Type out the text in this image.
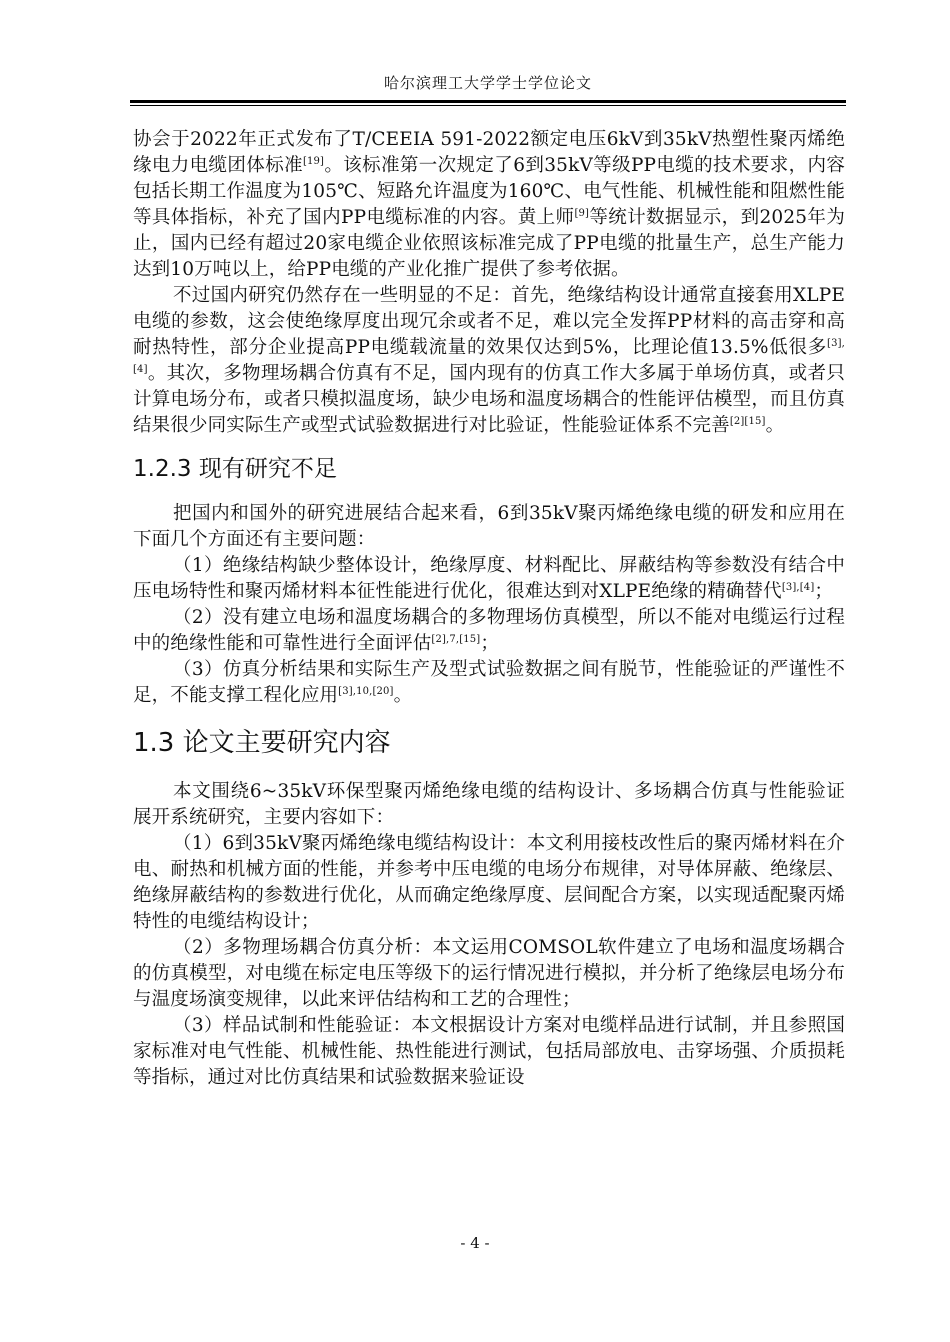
哈尔滨理工大学学士学位论文

协会于2022年正式发布了T/CEEIA 591-2022额定电压6kV到35kV热塑性聚丙烯绝缘电力电缆团体标准[19]。该标准第一次规定了6到35kV等级PP电缆的技术要求，内容包括长期工作温度为105℃、短路允许温度为160℃、电气性能、机械性能和阻燃性能等具体指标，补充了国内PP电缆标准的内容。黄上师[9]等统计数据显示，到2025年为止，国内已经有超过20家电缆企业依照该标准完成了PP电缆的批量生产，总生产能力达到10万吨以上，给PP电缆的产业化推广提供了参考依据。

不过国内研究仍然存在一些明显的不足：首先，绝缘结构设计通常直接套用XLPE电缆的参数，这会使绝缘厚度出现冗余或者不足，难以完全发挥PP材料的高击穿和高耐热特性，部分企业提高PP电缆载流量的效果仅达到5%，比理论值13.5%低很多[3],[4]。其次，多物理场耦合仿真有不足，国内现有的仿真工作大多属于单场仿真，或者只计算电场分布，或者只模拟温度场，缺少电场和温度场耦合的性能评估模型，而且仿真结果很少同实际生产或型式试验数据进行对比验证，性能验证体系不完善[2][15]。

1.2.3 现有研究不足

把国内和国外的研究进展结合起来看，6到35kV聚丙烯绝缘电缆的研发和应用在下面几个方面还有主要问题：

（1）绝缘结构缺少整体设计，绝缘厚度、材料配比、屏蔽结构等参数没有结合中压电场特性和聚丙烯材料本征性能进行优化，很难达到对XLPE绝缘的精确替代[3],[4]；

（2）没有建立电场和温度场耦合的多物理场仿真模型，所以不能对电缆运行过程中的绝缘性能和可靠性进行全面评估[2],7,[15]；

（3）仿真分析结果和实际生产及型式试验数据之间有脱节，性能验证的严谨性不足，不能支撑工程化应用[3],10,[20]。

1.3 论文主要研究内容

本文围绕6~35kV环保型聚丙烯绝缘电缆的结构设计、多场耦合仿真与性能验证展开系统研究，主要内容如下：

（1）6到35kV聚丙烯绝缘电缆结构设计：本文利用接枝改性后的聚丙烯材料在介电、耐热和机械方面的性能，并参考中压电缆的电场分布规律，对导体屏蔽、绝缘层、绝缘屏蔽结构的参数进行优化，从而确定绝缘厚度、层间配合方案，以实现适配聚丙烯特性的电缆结构设计；

（2）多物理场耦合仿真分析：本文运用COMSOL软件建立了电场和温度场耦合的仿真模型，对电缆在标定电压等级下的运行情况进行模拟，并分析了绝缘层电场分布与温度场演变规律，以此来评估结构和工艺的合理性；

（3）样品试制和性能验证：本文根据设计方案对电缆样品进行试制，并且参照国家标准对电气性能、机械性能、热性能进行测试，包括局部放电、击穿场强、介质损耗等指标，通过对比仿真结果和试验数据来验证设

- 4 -
